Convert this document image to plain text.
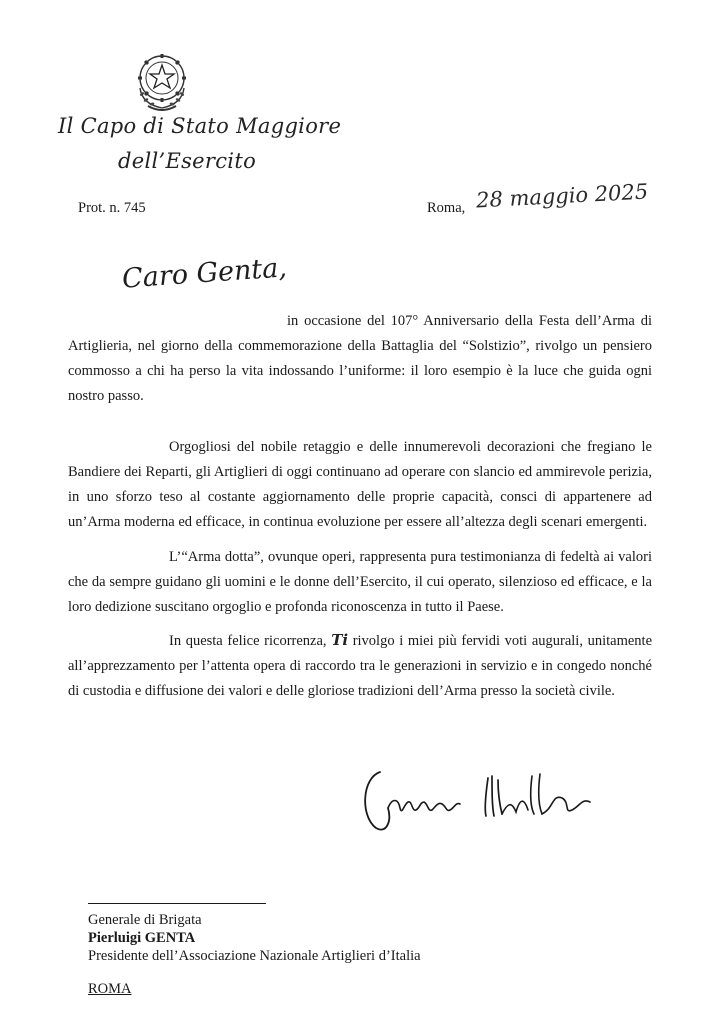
Il Capo di Stato Maggiore
dell’Esercito
Prot. n. 745	Roma, 28 maggio 2025
Caro Genta,
in occasione del 107° Anniversario della Festa dell’Arma di Artiglieria, nel giorno della commemorazione della Battaglia del “Solstizio”, rivolgo un pensiero commosso a chi ha perso la vita indossando l’uniforme: il loro esempio è la luce che guida ogni nostro passo.
Orgogliosi del nobile retaggio e delle innumerevoli decorazioni che fregiano le Bandiere dei Reparti, gli Artiglieri di oggi continuano ad operare con slancio ed ammirevole perizia, in uno sforzo teso al costante aggiornamento delle proprie capacità, consci di appartenere ad un’Arma moderna ed efficace, in continua evoluzione per essere all’altezza degli scenari emergenti.
L’“Arma dotta”, ovunque operi, rappresenta pura testimonianza di fedeltà ai valori che da sempre guidano gli uomini e le donne dell’Esercito, il cui operato, silenzioso ed efficace, e la loro dedizione suscitano orgoglio e profonda riconoscenza in tutto il Paese.
In questa felice ricorrenza, Ti rivolgo i miei più fervidi voti augurali, unitamente all’apprezzamento per l’attenta opera di raccordo tra le generazioni in servizio e in congedo nonché di custodia e diffusione dei valori e delle gloriose tradizioni dell’Arma presso la società civile.
Generale di Brigata
Pierluigi GENTA
Presidente dell’Associazione Nazionale Artiglieri d’Italia
ROMA
